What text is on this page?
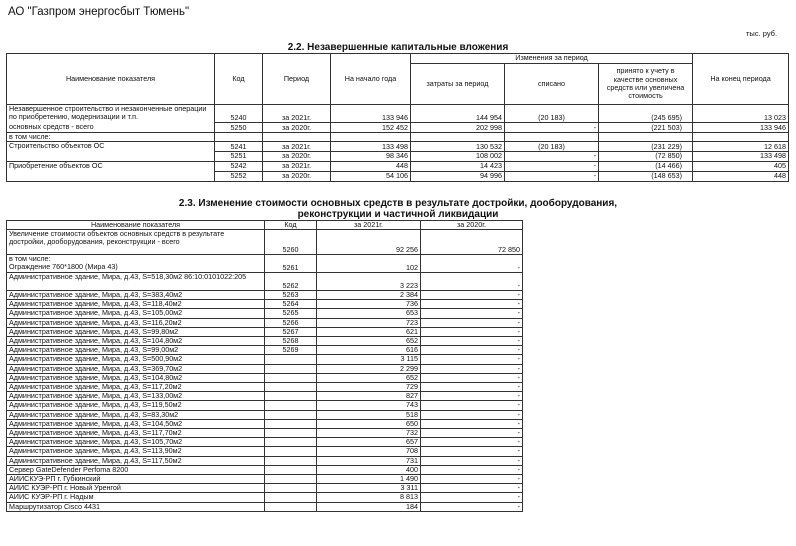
АО "Газпром энергосбыт Тюмень"
тыс. руб.
2.2. Незавершенные капитальные вложения
Наименование показателя	Код	Период	На начало года	Изменения за период			На конец периода
				затраты за период	списано	принято к учету в качестве основных средств или увеличена стоимость	
Незавершенное строительство и незаконченные операции по приобретению, модернизации и т.п.	5240	за 2021г.	133 946	144 954	(20 183)	(245 695)	13 023
основных средств - всего	5250	за 2020г.	152 452	202 998	-	(221 503)	133 946
в том числе:							
Строительство объектов ОС	5241	за 2021г.	133 498	130 532	(20 183)	(231 229)	12 618
	5251	за 2020г.	98 346	108 002	-	(72 850)	133 498
Приобретение объектов ОС	5242	за 2021г.	448	14 423	-	(14 466)	405
	5252	за 2020г.	54 106	94 996	-	(148 653)	448
2.3. Изменение стоимости основных средств в результате достройки, дооборудования,
реконструкции и частичной ликвидации
Наименование показателя	Код	за 2021г.	за 2020г.
Увеличение стоимости объектов основных средств в результате достройки, дооборудования, реконструкции - всего	5260	92 256	72 850
в том числе:			
Ограждение 760*1800 (Мира 43)	5261	102	-
Административное здание, Мира, д.43, S=518,30м2 86:10:0101022:205	5262	3 223	-
Административное здание, Мира, д.43, S=383,40м2	5263	2 384	-
Административное здание, Мира, д.43, S=118,40м2	5264	736	-
Административное здание, Мира, д.43, S=105,00м2	5265	653	-
Административное здание, Мира, д.43, S=116,20м2	5266	723	-
Административное здание, Мира, д.43, S=99,80м2	5267	621	-
Административное здание, Мира, д.43, S=104,80м2	5268	652	-
Административное здание, Мира, д.43, S=99,00м2	5269	616	-
Административное здание, Мира, д.43, S=500,90м2		3 115	-
Административное здание, Мира, д.43, S=369,70м2		2 299	-
Административное здание, Мира, д.43, S=104,80м2		652	-
Административное здание, Мира, д.43, S=117,20м2		729	-
Административное здание, Мира, д.43, S=133,00м2		827	-
Административное здание, Мира, д.43, S=119,50м2		743	-
Административное здание, Мира, д.43, S=83,30м2		518	-
Административное здание, Мира, д.43, S=104,50м2		650	-
Административное здание, Мира, д.43, S=117,70м2		732	-
Административное здание, Мира, д.43, S=105,70м2		657	-
Административное здание, Мира, д.43, S=113,90м2		708	-
Административное здание, Мира, д.43, S=117,50м2		731	-
Сервер GateDefender Perfoma 8200		400	-
АИИСКУЭ-РП г. Губкинский		1 490	-
АИИС КУЭР-РП г. Новый Уренгой		3 311	-
АИИС КУЭР-РП г. Надым		8 813	-
Маршрутизатор Cisco 4431		184	-
